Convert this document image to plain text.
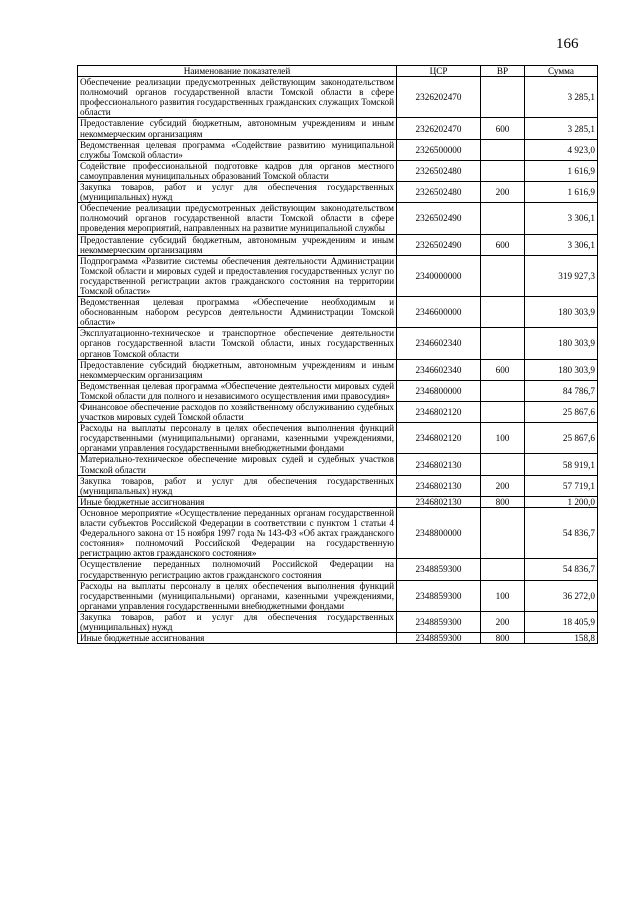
166
Наименование показателей	ЦСР	ВР	Сумма
Обеспечение реализации предусмотренных действующим законодательством полномочий органов государственной власти Томской области в сфере профессионального развития государственных гражданских служащих Томской области	2326202470		3 285,1
Предоставление субсидий бюджетным, автономным учреждениям и иным некоммерческим организациям	2326202470	600	3 285,1
Ведомственная целевая программа «Содействие развитию муниципальной службы Томской области»	2326500000		4 923,0
Содействие профессиональной подготовке кадров для органов местного самоуправления муниципальных образований Томской области	2326502480		1 616,9
Закупка товаров, работ и услуг для обеспечения государственных (муниципальных) нужд	2326502480	200	1 616,9
Обеспечение реализации предусмотренных действующим законодательством полномочий органов государственной власти Томской области в сфере проведения мероприятий, направленных на развитие муниципальной службы	2326502490		3 306,1
Предоставление субсидий бюджетным, автономным учреждениям и иным некоммерческим организациям	2326502490	600	3 306,1
Подпрограмма «Развитие системы обеспечения деятельности Администрации Томской области и мировых судей и предоставления государственных услуг по государственной регистрации актов гражданского состояния на территории Томской области»	2340000000		319 927,3
Ведомственная целевая программа «Обеспечение необходимым и обоснованным набором ресурсов деятельности Администрации Томской области»	2346600000		180 303,9
Эксплуатационно-техническое и транспортное обеспечение деятельности органов государственной власти Томской области, иных государственных органов Томской области	2346602340		180 303,9
Предоставление субсидий бюджетным, автономным учреждениям и иным некоммерческим организациям	2346602340	600	180 303,9
Ведомственная целевая программа «Обеспечение деятельности мировых судей Томской области для полного и независимого осуществления ими правосудия»	2346800000		84 786,7
Финансовое обеспечение расходов по хозяйственному обслуживанию судебных участков мировых судей Томской области	2346802120		25 867,6
Расходы на выплаты персоналу в целях обеспечения выполнения функций государственными (муниципальными) органами, казенными учреждениями, органами управления государственными внебюджетными фондами	2346802120	100	25 867,6
Материально-техническое обеспечение мировых судей и судебных участков Томской области	2346802130		58 919,1
Закупка товаров, работ и услуг для обеспечения государственных (муниципальных) нужд	2346802130	200	57 719,1
Иные бюджетные ассигнования	2346802130	800	1 200,0
Основное мероприятие «Осуществление переданных органам государственной власти субъектов Российской Федерации в соответствии с пунктом 1 статьи 4 Федерального закона от 15 ноября 1997 года № 143-ФЗ «Об актах гражданского состояния» полномочий Российской Федерации на государственную регистрацию актов гражданского состояния»	2348800000		54 836,7
Осуществление переданных полномочий Российской Федерации на государственную регистрацию актов гражданского состояния	2348859300		54 836,7
Расходы на выплаты персоналу в целях обеспечения выполнения функций государственными (муниципальными) органами, казенными учреждениями, органами управления государственными внебюджетными фондами	2348859300	100	36 272,0
Закупка товаров, работ и услуг для обеспечения государственных (муниципальных) нужд	2348859300	200	18 405,9
Иные бюджетные ассигнования	2348859300	800	158,8
